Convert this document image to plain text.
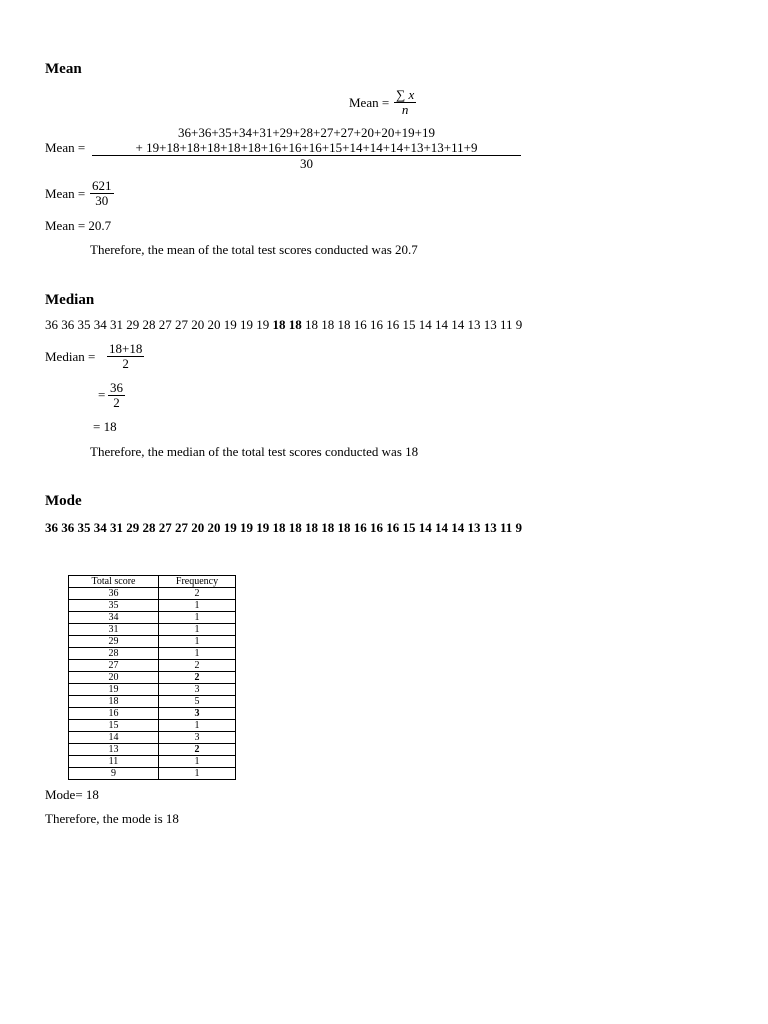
Mean
Mean = $\frac{\sum x}{n}$
Mean =
36+36+35+34+31+29+28+27+27+20+20+19+19
+ 19+18+18+18+18+18+16+16+16+15+14+14+14+13+13+11+9
30
Mean = $\frac{621}{30}$
Mean = 20.7
Therefore, the mean of the total test scores conducted was 20.7
Median
36 36 35 34 31 29 28 27 27 20 20 19 19 19 18 18 18 18 18 16 16 16 15 14 14 14 13 13 11 9
Median = $\frac{18+18}{2}$
= $\frac{36}{2}$
= 18
Therefore, the median of the total test scores conducted was 18
Mode
36 36 35 34 31 29 28 27 27 20 20 19 19 19 18 18 18 18 18 16 16 16 15 14 14 14 13 13 11 9
Total score	Frequency
36	2
35	1
34	1
31	1
29	1
28	1
27	2
20	2
19	3
18	5
16	3
15	1
14	3
13	2
11	1
9	1
Mode= 18
Therefore, the mode is 18
